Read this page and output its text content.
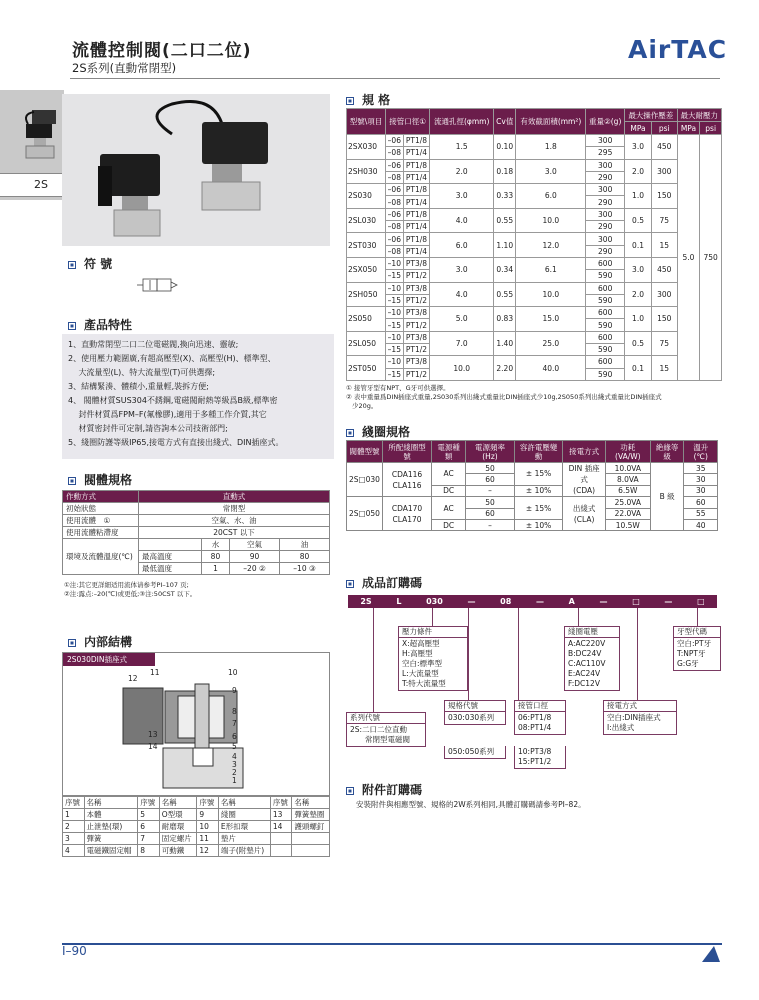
流體控制閥(二口二位)
2S系列(直動常閉型)
AirTAC
2S
符 號
產品特性
1、直動常閉型二口二位電磁閥,換向迅速、靈敏;
2、使用壓力範圍廣,有超高壓型(X)、高壓型(H)、標準型、
　 大流量型(L)、特大流量型(T)可供選擇;
3、結構緊湊、體積小,重量輕,裝拆方便;
4、 閥體材質SUS304不銹鋼,電磁閥耐熱等級爲B級,標準密
　 封件材質爲FPM–F(氟橡膠),適用于多種工作介質,其它
　 材質密封件可定制,請咨詢本公司技術部門;
5、綫圈防護等級IP65,接電方式有直接出綫式、DIN插座式。
閥體規格
作動方式	直動式			
初始狀態	常閉型			
使用流體　①	空氣、水、油			
使用流體粘滯度	20CST 以下			
環境及流體溫度(℃)		水	空氣	油
	最高溫度	80	90	80
	最低溫度	1	–20 ②	–10 ③
①注:其它更詳細适用流体请参考PⅠ–107 页;
②注:露点:–20(℃)或更低;③注:50CST 以下。
内部結構
2S030DIN插座式
11	10
12
9
8
7
6
5
4
13
3
14
2
1
序號	名稱	序號	名稱	序號	名稱	序號	名稱
1	本體	5	O型環	9	綫圈	13	彈簧墊圈
2	止泄墊(環)	6	耐磨環	10	E形扣環	14	護頭螺釘
3	彈簧	7	固定螺片	11	墊片		
4	電磁鐵固定帽	8	可動鐵	12	端子(附墊片)		
規 格
型號\項目	接管口徑①		流通孔徑(φmm)	Cv值	有效截面積(mm²)	重量②(g)	最大操作壓差		最大耐壓力	
							MPa	psi	MPa	psi
2SX030	–06	PT1/8	1.5	0.10	1.8	300	3.0	450	5.0	750
	–08	PT1/4				295				
2SH030	–06	PT1/8	2.0	0.18	3.0	300	2.0	300		
	–08	PT1/4				290				
2S030	–06	PT1/8	3.0	0.33	6.0	300	1.0	150		
	–08	PT1/4				290				
2SL030	–06	PT1/8	4.0	0.55	10.0	300	0.5	75		
	–08	PT1/4				290				
2ST030	–06	PT1/8	6.0	1.10	12.0	300	0.1	15		
	–08	PT1/4				290				
2SX050	–10	PT3/8	3.0	0.34	6.1	600	3.0	450		
	–15	PT1/2				590				
2SH050	–10	PT3/8	4.0	0.55	10.0	600	2.0	300		
	–15	PT1/2				590				
2S050	–10	PT3/8	5.0	0.83	15.0	600	1.0	150		
	–15	PT1/2				590				
2SL050	–10	PT3/8	7.0	1.40	25.0	600	0.5	75		
	–15	PT1/2				590				
2ST050	–10	PT3/8	10.0	2.20	40.0	600	0.1	15		
	–15	PT1/2				590				
① 接管牙型有NPT、G牙可供選擇。
② 表中重量爲DIN插座式重量,2S030系列出綫式重量比DIN插座式少10g,2S050系列出綫式重量比DIN插座式
少20g。
綫圈規格
閥體型號	所配綫圈型號	電源種類	電源頻率(Hz)	容許電壓變動	接電方式	功耗(VA/W)	絶緣等級	溫升(℃)
2S□030	CDA116
CLA116	AC	50	± 15%	DIN 插座式
(CDA)	10.0VA	B 級	35
			60			8.0VA		30
		DC	–	± 10%		6.5W		30
2S□050	CDA170
CLA170	AC	50	± 15%	出綫式
(CLA)	25.0VA		60
			60			22.0VA		55
		DC	–	± 10%		10.5W		40
成品訂購碼
2S	L	030	—	08	—	A	—	□	—	□
壓力條件
X:超高壓型
H:高壓型
空白:標準型
L:大流量型
T:特大流量型
綫圈電壓
A:AC220V
B:DC24V
C:AC110V
E:AC24V
F:DC12V
牙型代碼
空白:PT牙
T:NPT牙
G:G牙
規格代號
030:030系列
接管口徑
06:PT1/8
08:PT1/4
接電方式
空白:DIN插座式
I:出綫式
系列代號
2S:二口二位直動
　　常閉型電磁閥
050:050系列	10:PT3/8
15:PT1/2
附件訂購碼
安裝附件與相應型號、規格的2W系列相同,具體訂購碼請參考PⅠ–82。
Ⅰ–90
